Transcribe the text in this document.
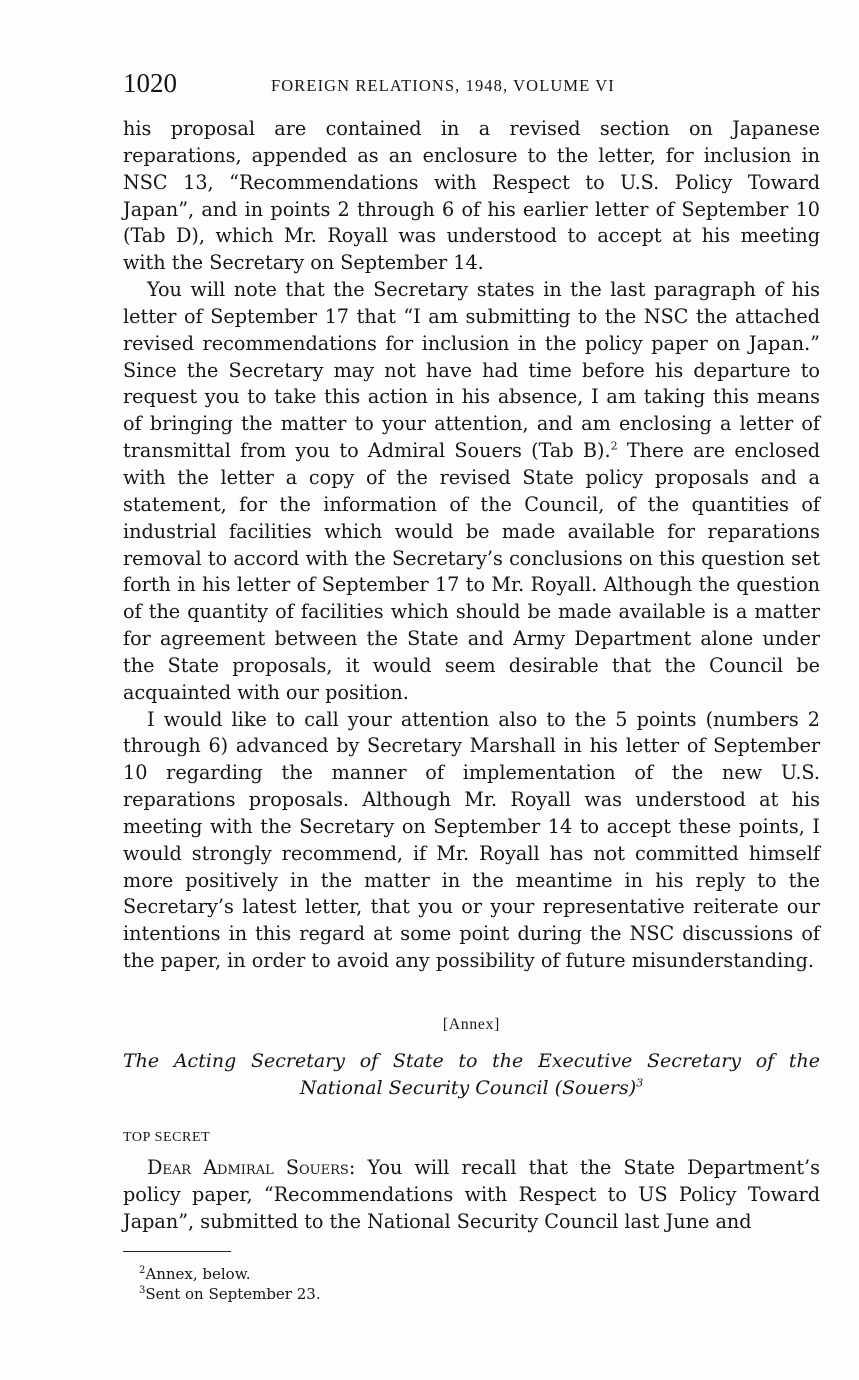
1020	FOREIGN RELATIONS, 1948, VOLUME VI

his proposal are contained in a revised section on Japanese reparations, appended as an enclosure to the letter, for inclusion in NSC 13, “Recommendations with Respect to U.S. Policy Toward Japan”, and in points 2 through 6 of his earlier letter of September 10 (Tab D), which Mr. Royall was understood to accept at his meeting with the Secretary on September 14.

You will note that the Secretary states in the last paragraph of his letter of September 17 that “I am submitting to the NSC the attached revised recommendations for inclusion in the policy paper on Japan.” Since the Secretary may not have had time before his departure to request you to take this action in his absence, I am taking this means of bringing the matter to your attention, and am enclosing a letter of transmittal from you to Admiral Souers (Tab B).$^2$ There are enclosed with the letter a copy of the revised State policy proposals and a statement, for the information of the Council, of the quantities of industrial facilities which would be made available for reparations removal to accord with the Secretary’s conclusions on this question set forth in his letter of September 17 to Mr. Royall. Although the question of the quantity of facilities which should be made available is a matter for agreement between the State and Army Department alone under the State proposals, it would seem desirable that the Council be acquainted with our position.

I would like to call your attention also to the 5 points (numbers 2 through 6) advanced by Secretary Marshall in his letter of September 10 regarding the manner of implementation of the new U.S. reparations proposals. Although Mr. Royall was understood at his meeting with the Secretary on September 14 to accept these points, I would strongly recommend, if Mr. Royall has not committed himself more positively in the matter in the meantime in his reply to the Secretary’s latest letter, that you or your representative reiterate our intentions in this regard at some point during the NSC discussions of the paper, in order to avoid any possibility of future misunderstanding.

[Annex]
The Acting Secretary of State to the Executive Secretary of the National Security Council (Souers)$^3$
TOP SECRET

Dear Admiral Souers: You will recall that the State Department’s policy paper, “Recommendations with Respect to US Policy Toward Japan”, submitted to the National Security Council last June and

$^2$Annex, below.
$^3$Sent on September 23.
